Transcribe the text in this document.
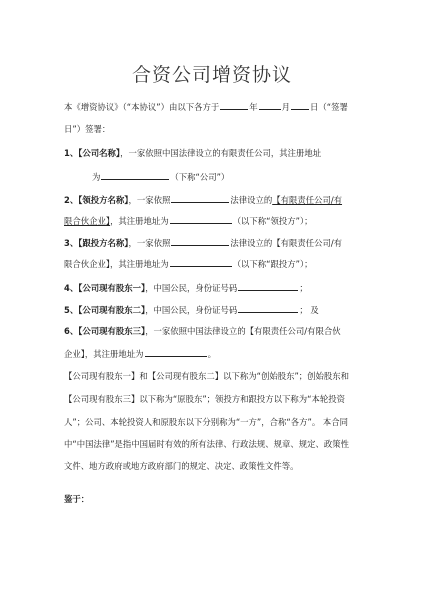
合资公司增资协议
本《增资协议》（“本协议”）由以下各方于	年	月 日（“签署
日”）签署：
1、【公司名称】，一家依照中国法律设立的有限责任公司，其注册地址
为	（下称“公司”）
2、【领投方名称】，一家依照	法律设立的【有限责任公司/有
限合伙企业】，其注册地址为	（以下称“领投方”）；
3、【跟投方名称】，一家依照	法律设立的【有限责任公司/有
限合伙企业】，其注册地址为	（以下称“跟投方”）；
4、【公司现有股东一】，中国公民，身份证号码	；
5、【公司现有股东二】，中国公民，身份证号码	； 及
6、【公司现有股东三】，一家依照中国法律设立的【有限责任公司/有限合伙
企业】，其注册地址为	。
【公司现有股东一】和【公司现有股东二】以下称为“创始股东”；创始股东和
【公司现有股东三】以下称为“原股东”；领投方和跟投方以下称为“本轮投资
人”；公司、本轮投资人和原股东以下分别称为“一方”，合称“各方”。 本合同
中“中国法律”是指中国届时有效的所有法律、行政法规、规章、规定、政策性
文件、地方政府或地方政府部门的规定、决定、政策性文件等。
鉴于：
